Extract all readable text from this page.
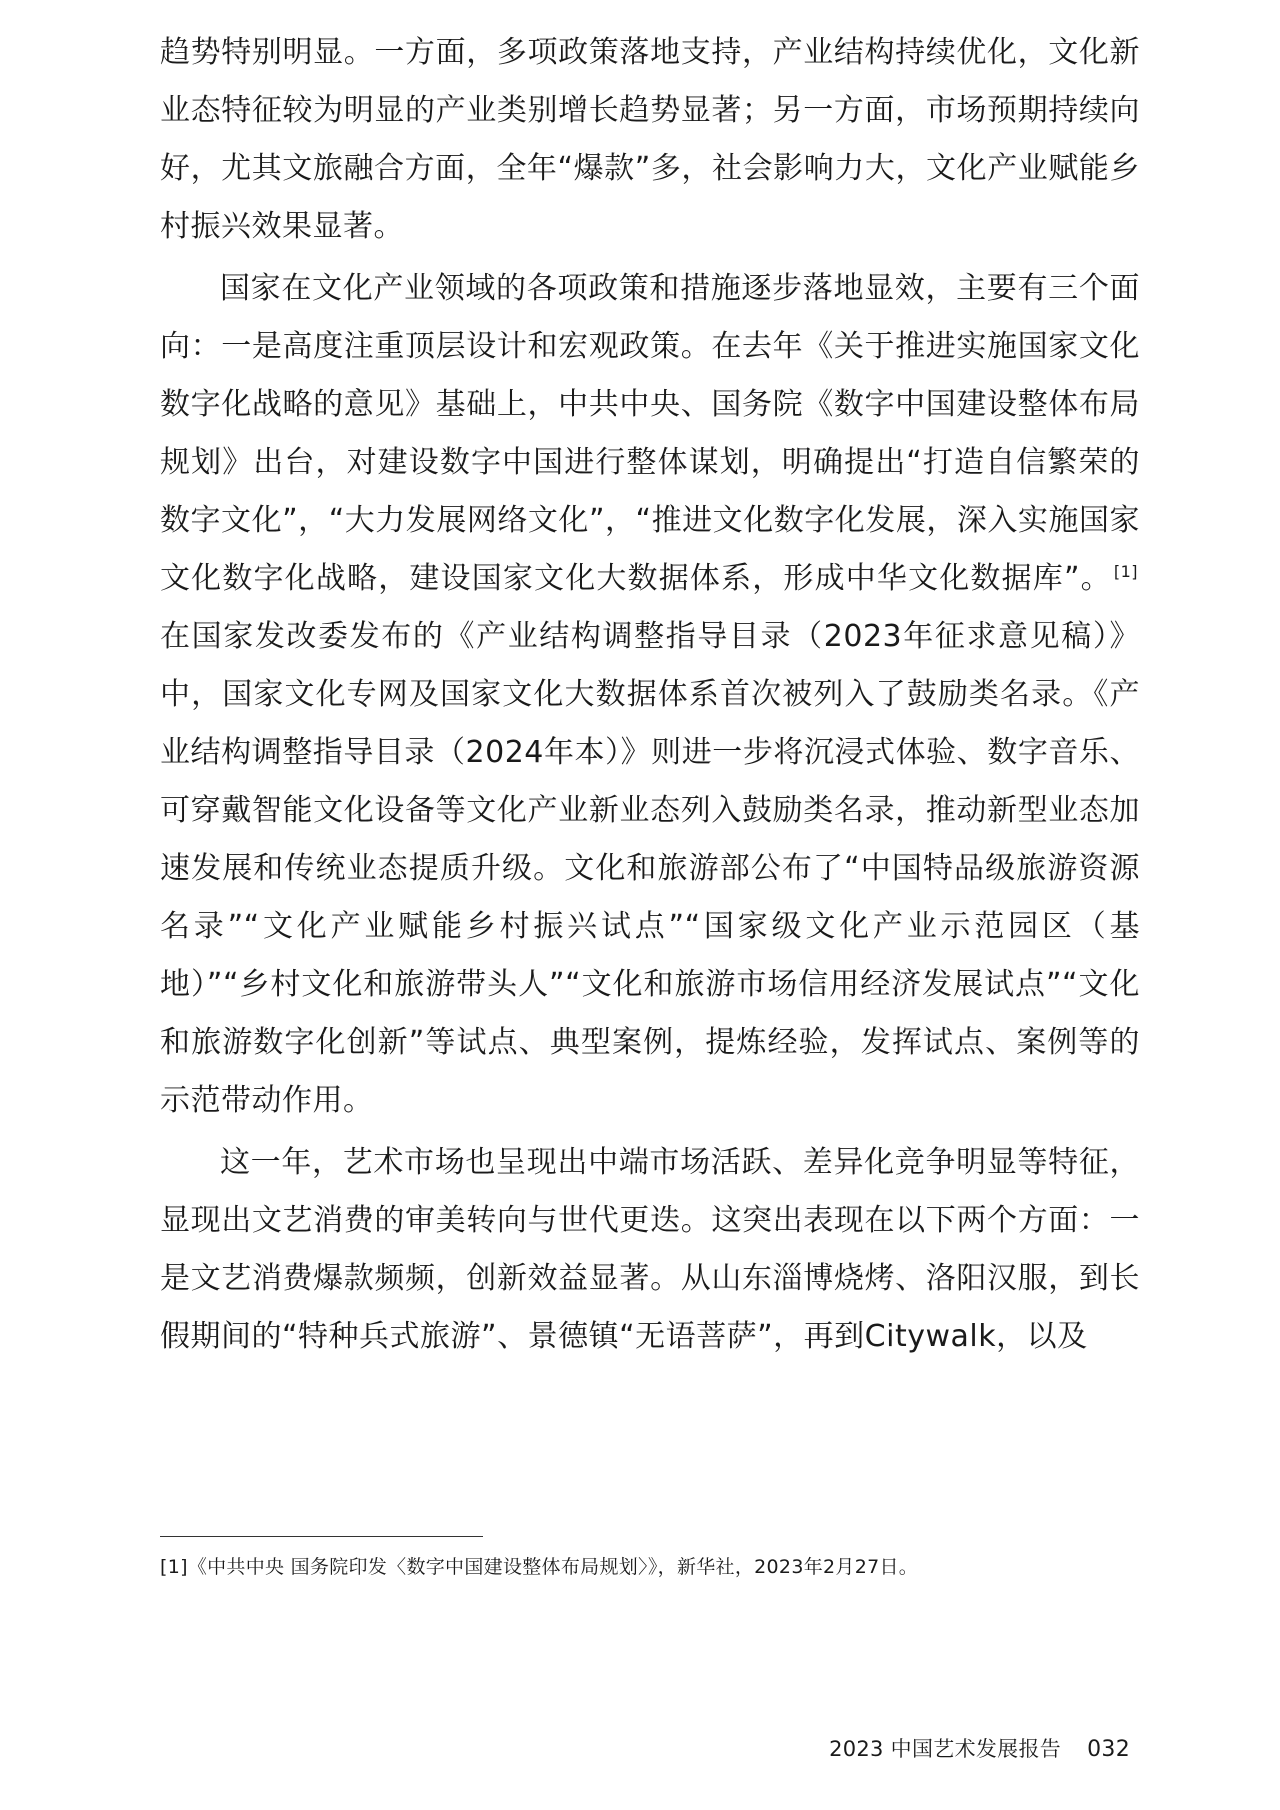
趋势特别明显。一方面，多项政策落地支持，产业结构持续优化，文化新业态特征较为明显的产业类别增长趋势显著；另一方面，市场预期持续向好，尤其文旅融合方面，全年“爆款”多，社会影响力大，文化产业赋能乡村振兴效果显著。

国家在文化产业领域的各项政策和措施逐步落地显效，主要有三个面向：一是高度注重顶层设计和宏观政策。在去年《关于推进实施国家文化数字化战略的意见》基础上，中共中央、国务院《数字中国建设整体布局规划》出台，对建设数字中国进行整体谋划，明确提出“打造自信繁荣的数字文化”，“大力发展网络文化”，“推进文化数字化发展，深入实施国家文化数字化战略，建设国家文化大数据体系，形成中华文化数据库”。 [1]在国家发改委发布的《产业结构调整指导目录（2023年征求意见稿）》中，国家文化专网及国家文化大数据体系首次被列入了鼓励类名录。《产业结构调整指导目录（2024年本）》则进一步将沉浸式体验、数字音乐、可穿戴智能文化设备等文化产业新业态列入鼓励类名录，推动新型业态加速发展和传统业态提质升级。文化和旅游部公布了“中国特品级旅游资源名录”“文化产业赋能乡村振兴试点”“国家级文化产业示范园区（基地）”“乡村文化和旅游带头人”“文化和旅游市场信用经济发展试点”“文化和旅游数字化创新”等试点、典型案例，提炼经验，发挥试点、案例等的示范带动作用。

这一年，艺术市场也呈现出中端市场活跃、差异化竞争明显等特征，显现出文艺消费的审美转向与世代更迭。这突出表现在以下两个方面：一是文艺消费爆款频频，创新效益显著。从山东淄博烧烤、洛阳汉服，到长假期间的“特种兵式旅游”、景德镇“无语菩萨”，再到Citywalk，以及

[1]《中共中央 国务院印发〈数字中国建设整体布局规划〉》，新华社，2023年2月27日。
2023 中国艺术发展报告 032
